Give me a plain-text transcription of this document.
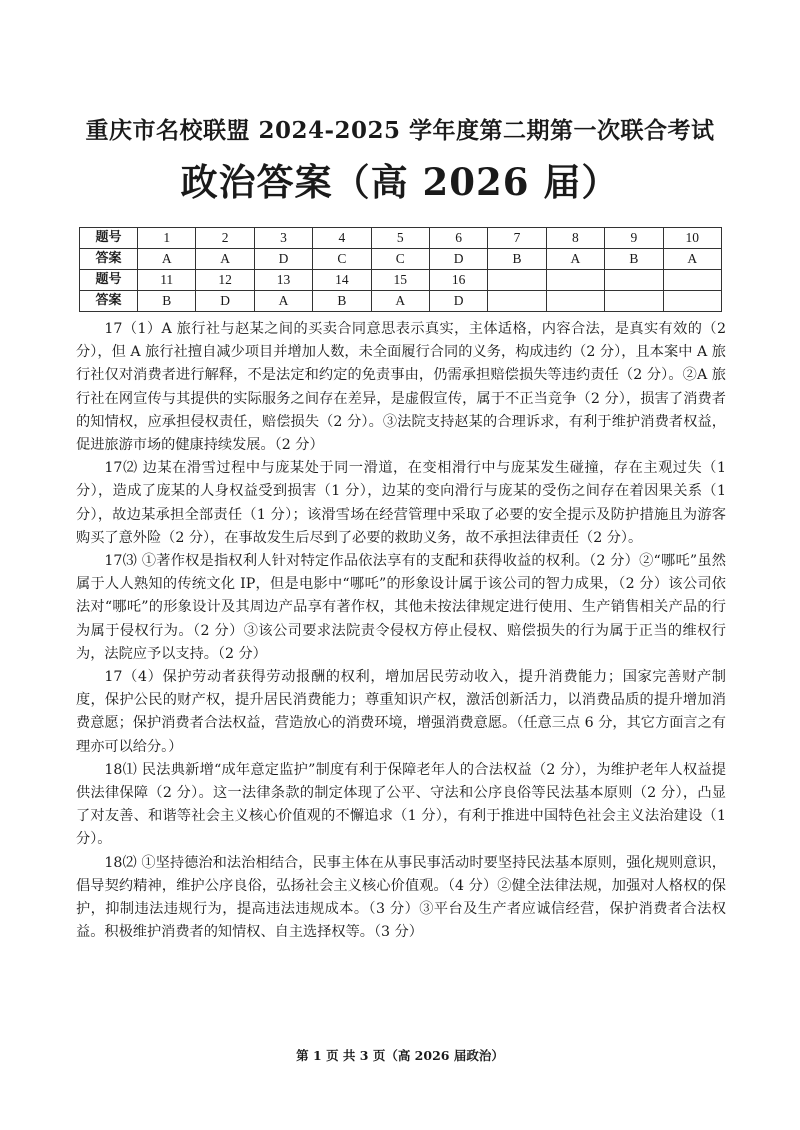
重庆市名校联盟 2024-2025 学年度第二期第一次联合考试
政治答案（高 2026 届）
题号	1	2	3	4	5	6	7	8	9	10
答案	A	A	D	C	C	D	B	A	B	A
题号	11	12	13	14	15	16				
答案	B	D	A	B	A	D				

17（1）A 旅行社与赵某之间的买卖合同意思表示真实，主体适格，内容合法，是真实有效的（2 分），但 A 旅行社擅自减少项目并增加人数，未全面履行合同的义务，构成违约（2 分），且本案中 A 旅行社仅对消费者进行解释，不是法定和约定的免责事由，仍需承担赔偿损失等违约责任（2 分）。②A 旅行社在网宣传与其提供的实际服务之间存在差异，是虚假宣传，属于不正当竞争（2 分），损害了消费者的知情权，应承担侵权责任，赔偿损失（2 分）。③法院支持赵某的合理诉求，有利于维护消费者权益，促进旅游市场的健康持续发展。（2 分）

17⑵ 边某在滑雪过程中与庞某处于同一滑道，在变相滑行中与庞某发生碰撞，存在主观过失（1 分），造成了庞某的人身权益受到损害（1 分），边某的变向滑行与庞某的受伤之间存在着因果关系（1 分），故边某承担全部责任（1 分）；该滑雪场在经营管理中采取了必要的安全提示及防护措施且为游客购买了意外险（2 分），在事故发生后尽到了必要的救助义务，故不承担法律责任（2 分）。

17⑶ ①著作权是指权利人针对特定作品依法享有的支配和获得收益的权利。（2 分）②“哪吒”虽然属于人人熟知的传统文化 IP，但是电影中“哪吒”的形象设计属于该公司的智力成果，（2 分）该公司依法对“哪吒”的形象设计及其周边产品享有著作权，其他未按法律规定进行使用、生产销售相关产品的行为属于侵权行为。（2 分）③该公司要求法院责令侵权方停止侵权、赔偿损失的行为属于正当的维权行为，法院应予以支持。（2 分）

17（4）保护劳动者获得劳动报酬的权利，增加居民劳动收入，提升消费能力；国家完善财产制度，保护公民的财产权，提升居民消费能力；尊重知识产权，激活创新活力，以消费品质的提升增加消费意愿；保护消费者合法权益，营造放心的消费环境，增强消费意愿。（任意三点 6 分，其它方面言之有理亦可以给分。）

18⑴ 民法典新增“成年意定监护”制度有利于保障老年人的合法权益（2 分），为维护老年人权益提供法律保障（2 分）。这一法律条款的制定体现了公平、守法和公序良俗等民法基本原则（2 分），凸显了对友善、和谐等社会主义核心价值观的不懈追求（1 分），有利于推进中国特色社会主义法治建设（1 分）。

18⑵ ①坚持德治和法治相结合，民事主体在从事民事活动时要坚持民法基本原则，强化规则意识，倡导契约精神，维护公序良俗，弘扬社会主义核心价值观。（4 分）②健全法律法规，加强对人格权的保护，抑制违法违规行为，提高违法违规成本。（3 分）③平台及生产者应诚信经营，保护消费者合法权益。积极维护消费者的知情权、自主选择权等。（3 分）

第 1 页 共 3 页（高 2026 届政治）
